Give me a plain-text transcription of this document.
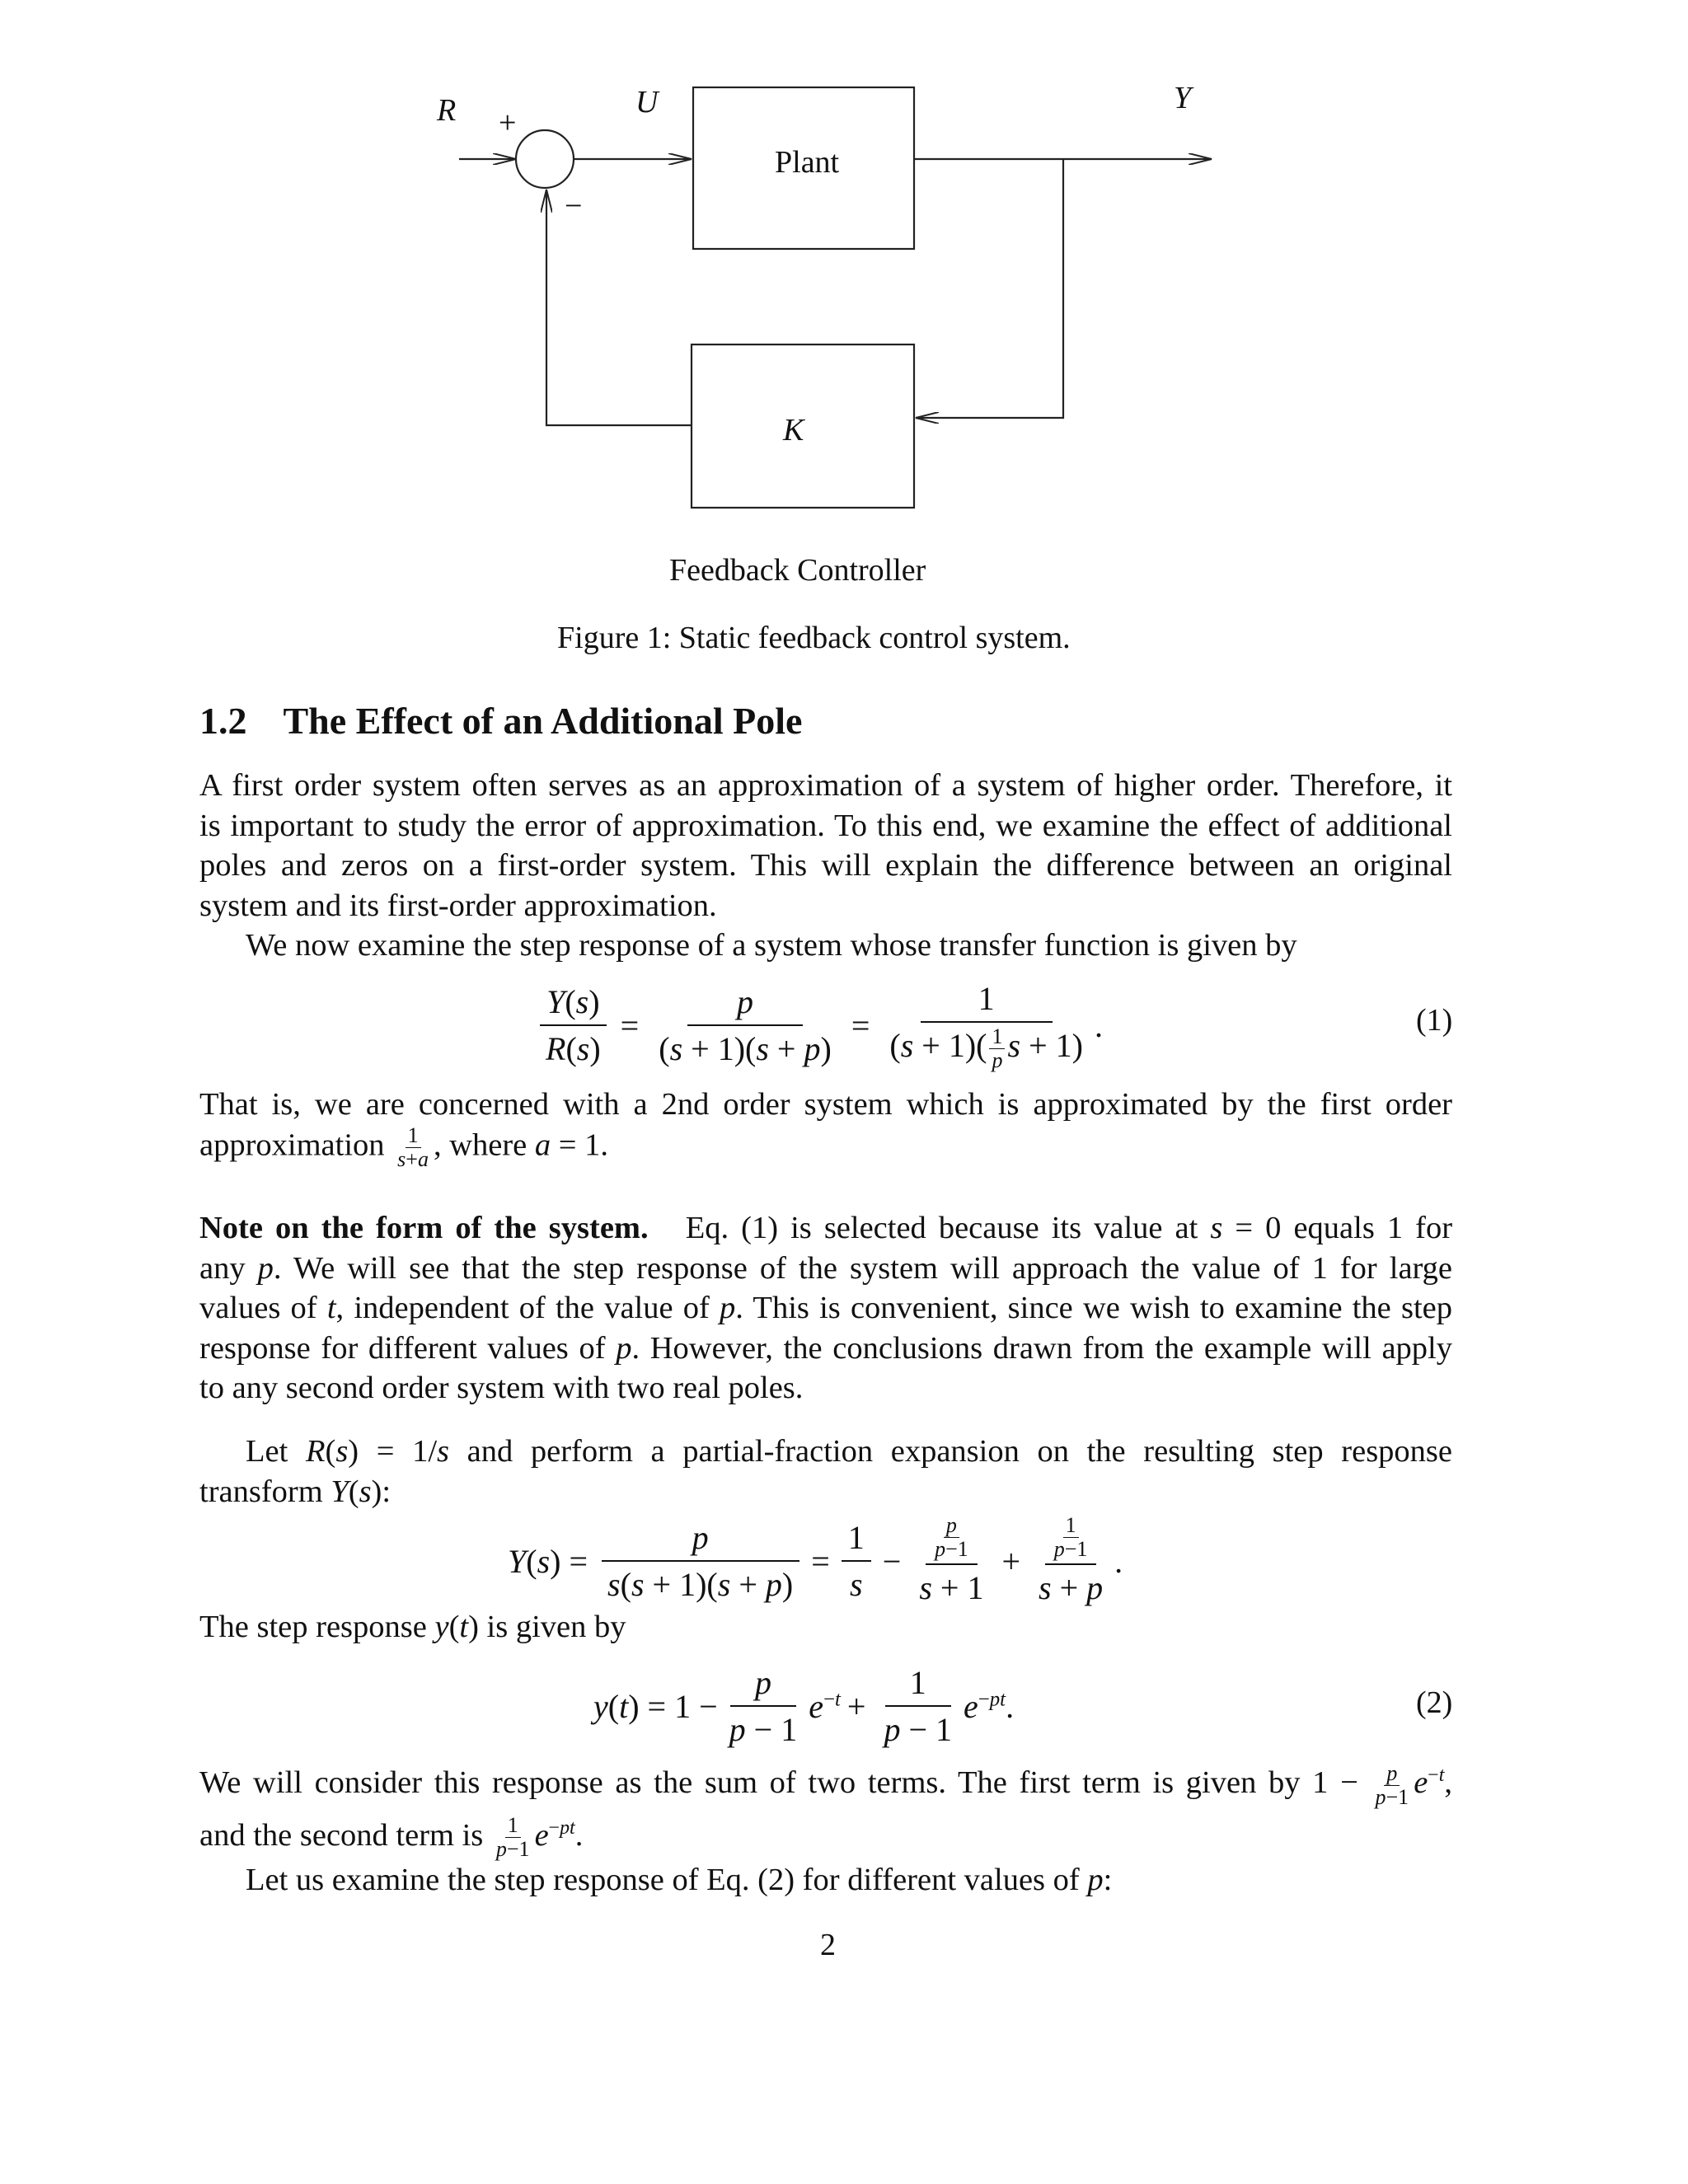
R +
−
U	Y
Plant
K
Feedback Controller
Figure 1: Static feedback control system.
1.2 The Effect of an Additional Pole
A first order system often serves as an approximation of a system of higher order. Therefore, it
is important to study the error of approximation. To this end, we examine the effect of additional
poles and zeros on a first-order system. This will explain the difference between an original
system and its first-order approximation.
We now examine the step response of a system whose transfer function is given by
$\frac{Y(s)}{R(s)} = \frac{p}{(s + 1)(s + p)} = \frac{1}{(s + 1)( \frac{1}{p} s + 1)}$ .	(1)
That is, we are concerned with a 2nd order system which is approximated by the first order
approximation $\frac{1}{s+a}$ , where a = 1.
Note on the form of the system. Eq. (1) is selected because its value at s = 0 equals 1 for
any p. We will see that the step response of the system will approach the value of 1 for large
values of t, independent of the value of p. This is convenient, since we wish to examine the step
response for different values of p. However, the conclusions drawn from the example will apply
to any second order system with two real poles.
Let R(s) = 1/s and perform a partial-fraction expansion on the resulting step response
transform Y(s):
$Y(s) = \frac{p}{s(s + 1)(s + p)} = \frac{1}{s} - \frac{\frac{p}{p-1}}{s + 1} + \frac{\frac{1}{p-1}}{s + p}$ .
The step response y(t) is given by
$y(t) = 1 - \frac{p}{p - 1} e^{-t} + \frac{1}{p - 1} e^{-pt}$.	(2)
We will consider this response as the sum of two terms. The first term is given by $1 - \frac{p}{p-1} e^{-t}$,
and the second term is $\frac{1}{p-1} e^{-pt}$.
Let us examine the step response of Eq. (2) for different values of p:
2
